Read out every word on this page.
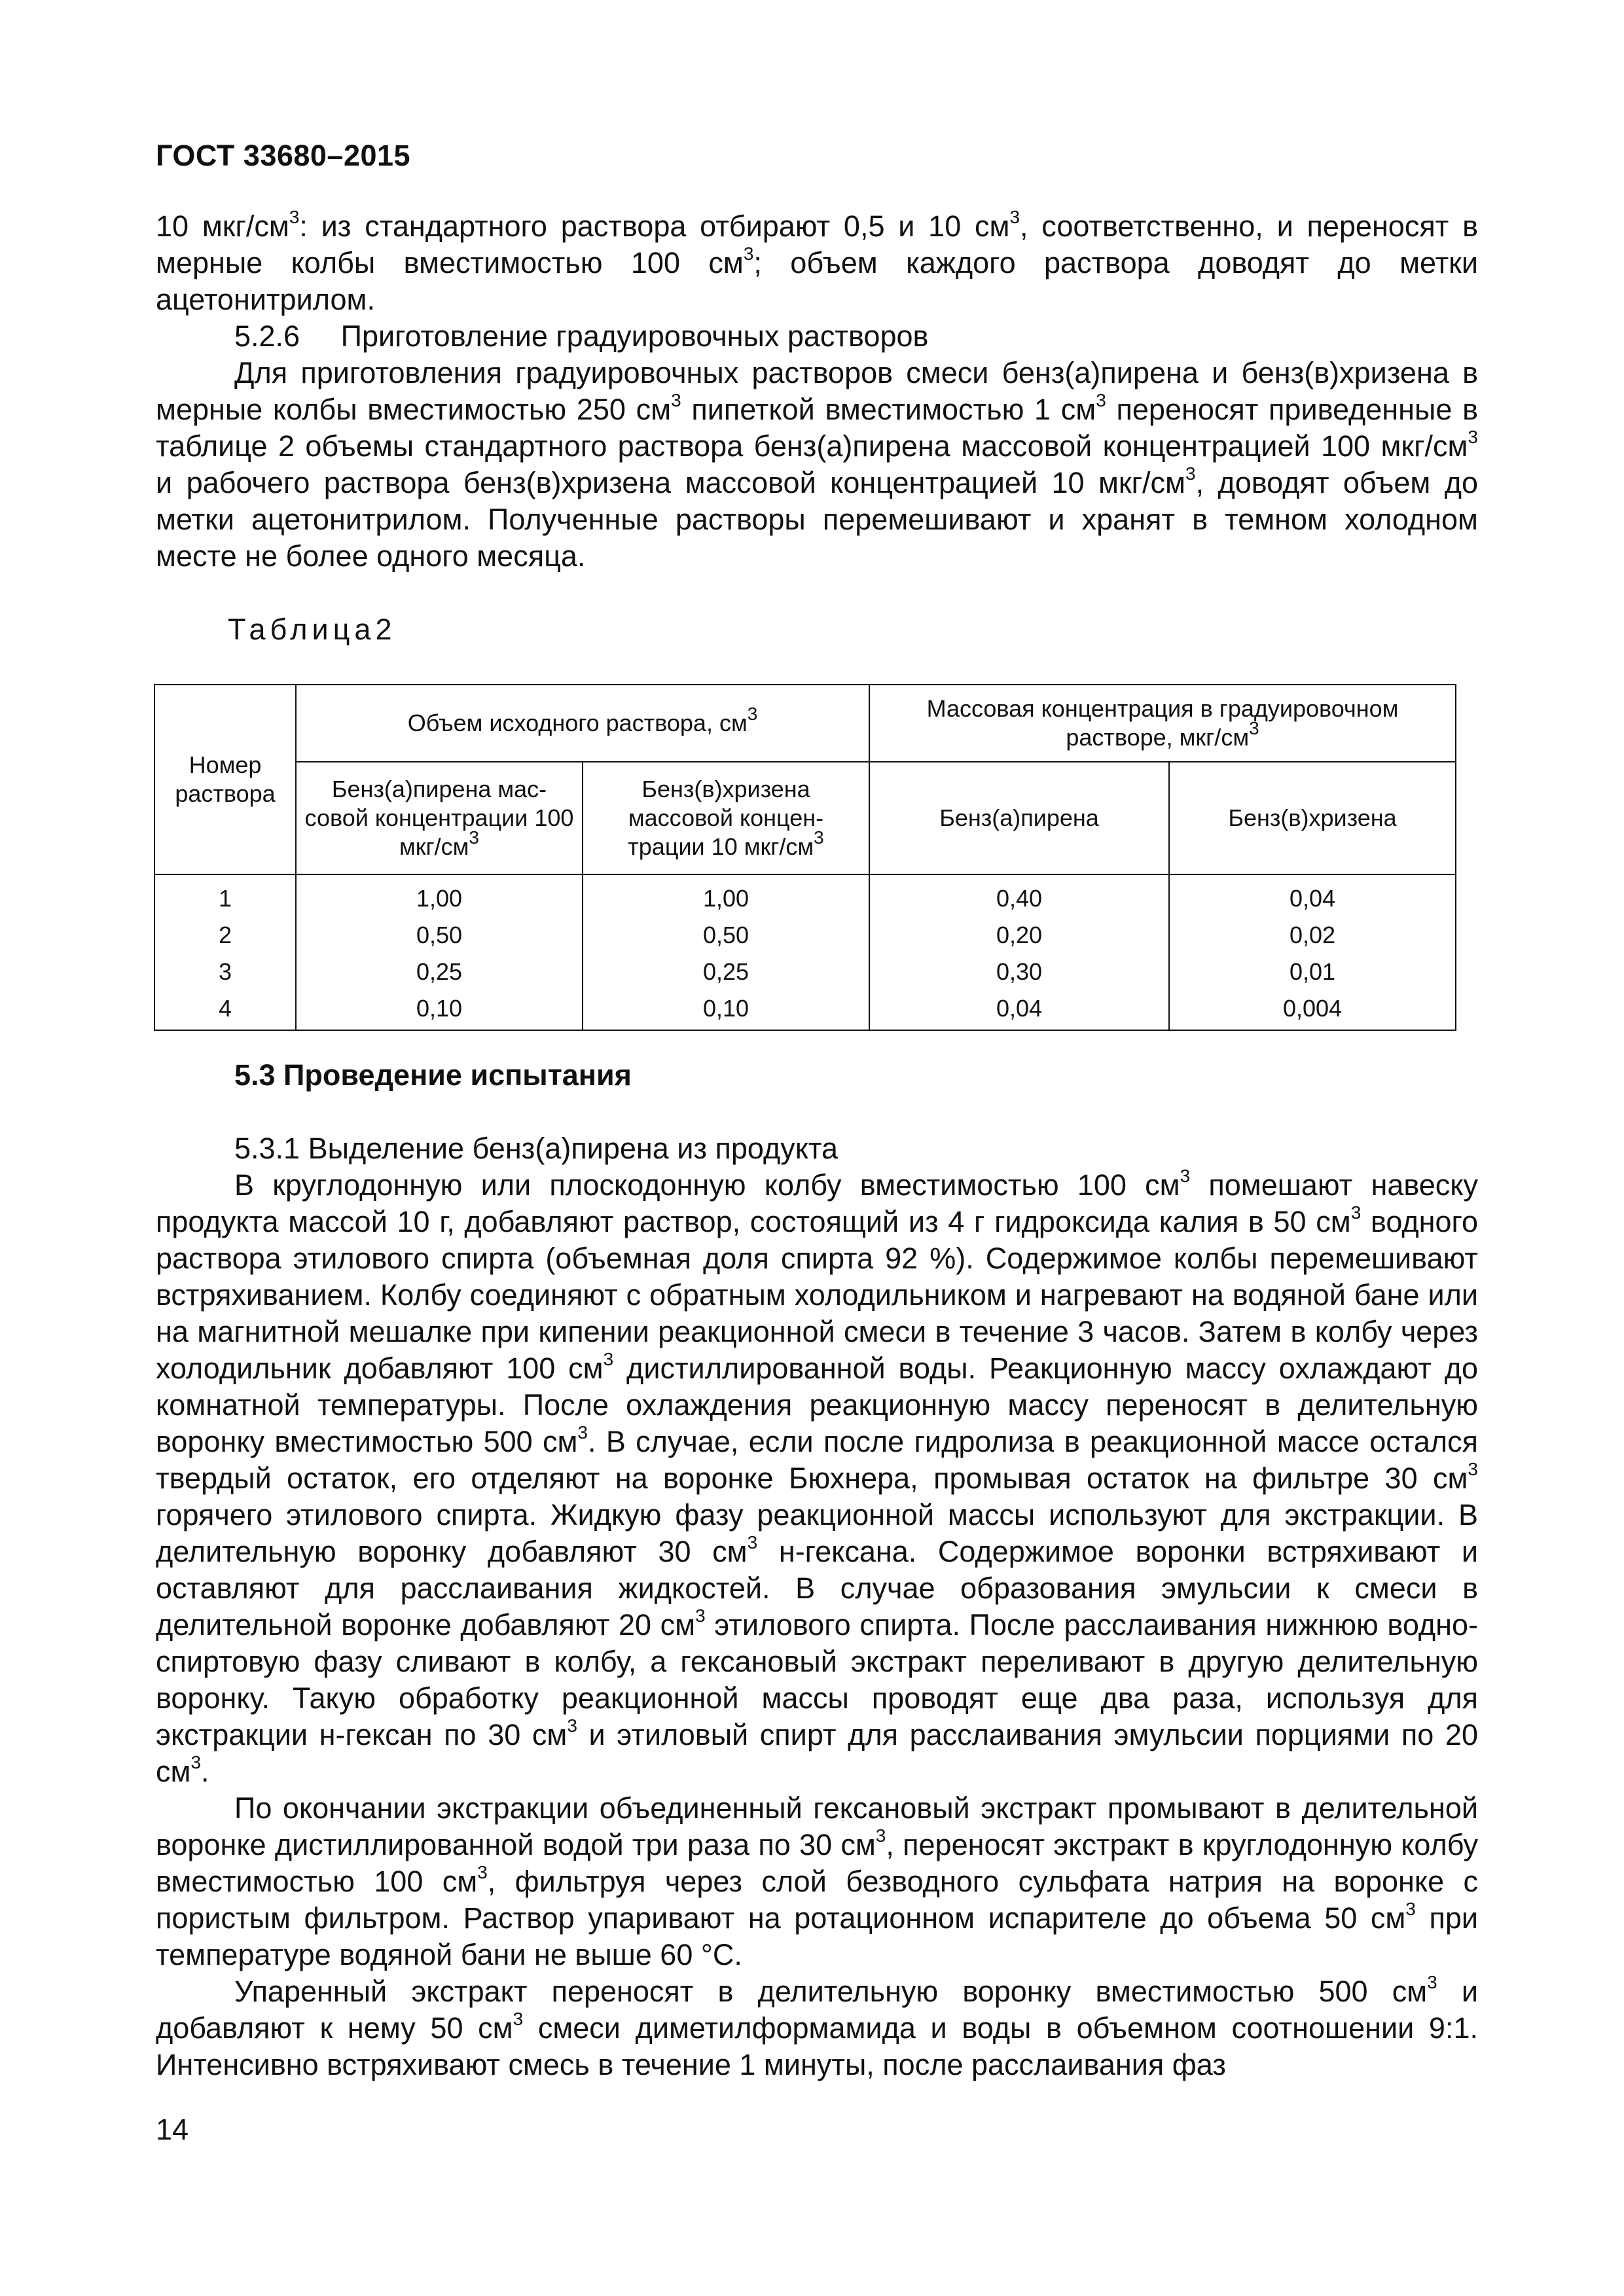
ГОСТ 33680–2015

10 мкг/$см^3$: из стандартного раствора отбирают 0,5 и 10 $см^3$, соответственно, и переносят в мерные колбы вместимостью 100 $см^3$; объем каждого раствора доводят до метки ацетонитрилом.

5.2.6     Приготовление градуировочных растворов

Для приготовления градуировочных растворов смеси бенз(а)пирена и бенз(в)хризена в мерные колбы вместимостью 250 $см^3$ пипеткой вместимостью 1 $см^3$ переносят приведенные в таблице 2 объемы стандартного раствора бенз(а)пирена массовой концентрацией 100 мкг/$см^3$ и рабочего раствора бенз(в)хризена массовой концентрацией 10 мкг/$см^3$, доводят объем до метки ацетонитрилом. Полученные растворы перемешивают и хранят в темном холодном месте не более одного месяца.

Таблица2

Номер раствора	Объем исходного раствора, $см^3$		Массовая концентрация в градуировочном растворе, мкг/$см^3$
	Бенз(а)пирена мас- совой концентрации 100 мкг/$см^3$	Бенз(в)хризена массовой концен- трации 10 мкг/$см^3$	Бенз(а)пирена	Бенз(в)хризена
1	1,00	1,00	0,40	0,04
2	0,50	0,50	0,20	0,02
3	0,25	0,25	0,30	0,01
4	0,10	0,10	0,04	0,004

5.3 Проведение испытания

5.3.1 Выделение бенз(а)пирена из продукта

В круглодонную или плоскодонную колбу вместимостью 100 $см^3$ помешают навеску продукта массой 10 г, добавляют раствор, состоящий из 4 г гидроксида калия в 50 $см^3$ водного раствора этилового спирта (объемная доля спирта 92 %). Содержимое колбы перемешивают встряхиванием. Колбу соединяют с обратным холодильником и нагревают на водяной бане или на магнитной мешалке при кипении реакционной смеси в течение 3 часов. Затем в колбу через холодильник добавляют 100 $см^3$ дистиллированной воды. Реакционную массу охлаждают до комнатной температуры. После охлаждения реакционную массу переносят в делительную воронку вместимостью 500 $см^3$. В случае, если после гидролиза в реакционной массе остался твердый остаток, его отделяют на воронке Бюхнера, промывая остаток на фильтре 30 $см^3$ горячего этилового спирта. Жидкую фазу реакционной массы используют для экстракции. В делительную воронку добавляют 30 $см^3$ н-гексана. Содержимое воронки встряхивают и оставляют для расслаивания жидкостей. В случае образования эмульсии к смеси в делительной воронке добавляют 20 $см^3$ этилового спирта. После расслаивания нижнюю водно-спиртовую фазу сливают в колбу, а гексановый экстракт переливают в другую делительную воронку. Такую обработку реакционной массы проводят еще два раза, используя для экстракции н-гексан по 30 $см^3$ и этиловый спирт для расслаивания эмульсии порциями по 20 $см^3$.

По окончании экстракции объединенный гексановый экстракт промывают в делительной воронке дистиллированной водой три раза по 30 $см^3$, переносят экстракт в круглодонную колбу вместимостью 100 $см^3$, фильтруя через слой безводного сульфата натрия на воронке с пористым фильтром. Раствор упаривают на ротационном испарителе до объема 50 $см^3$ при температуре водяной бани не выше 60 °С.

Упаренный экстракт переносят в делительную воронку вместимостью 500 $см^3$ и добавляют к нему 50 $см^3$ смеси диметилформамида и воды в объемном соотношении 9:1. Интенсивно встряхивают смесь в течение 1 минуты, после расслаивания фаз

14
